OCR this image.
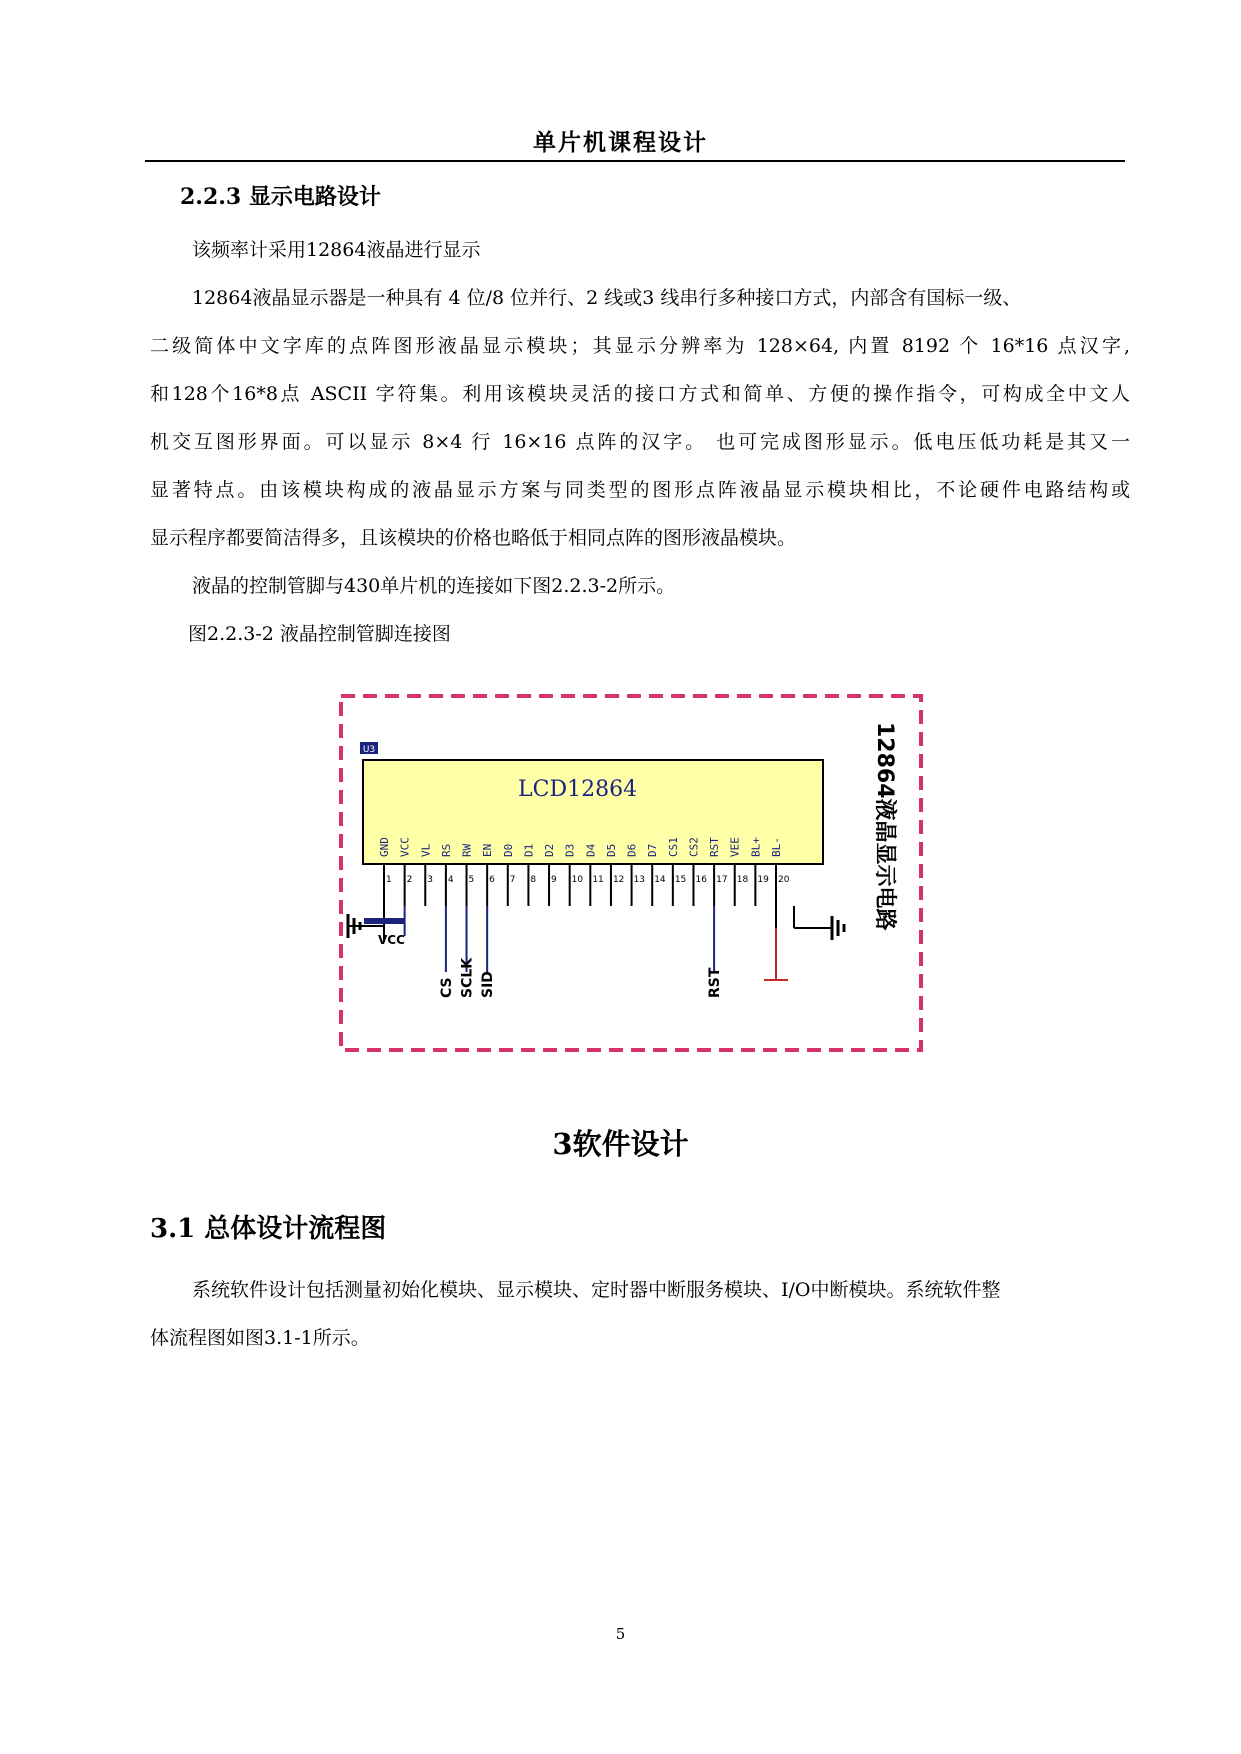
单片机课程设计
2.2.3 显示电路设计
该频率计采用12864液晶进行显示
12864液晶显示器是一种具有 4 位/8 位并行、2 线或3 线串行多种接口方式，内部含有国标一级、
二级简体中文字库的点阵图形液晶显示模块；其显示分辨率为 128×64, 内置 8192 个 16*16 点汉字,
和128个16*8点 ASCII 字符集。利用该模块灵活的接口方式和简单、方便的操作指令，可构成全中文人
机交互图形界面。可以显示 8×4 行 16×16 点阵的汉字。 也可完成图形显示。低电压低功耗是其又一
显著特点。由该模块构成的液晶显示方案与同类型的图形点阵液晶显示模块相比，不论硬件电路结构或
显示程序都要简洁得多，且该模块的价格也略低于相同点阵的图形液晶模块。
液晶的控制管脚与430单片机的连接如下图2.2.3-2所示。
图2.2.3-2 液晶控制管脚连接图
U3
LCD12864
GND
1
VCC
2
VL
3
RS
4
RW
5
EN
6
D0
7
D1
8
D2
9
D3
10
D4
11
D5
12
D6
13
D7
14
CS1
15
CS2
16
RST
17
VEE
18
BL+
19
BL-
20
VCC
CS SCLK SID	RST
12864液晶显示电路
3软件设计
3.1 总体设计流程图
系统软件设计包括测量初始化模块、显示模块、定时器中断服务模块、I/O中断模块。系统软件整
体流程图如图3.1-1所示。
5
